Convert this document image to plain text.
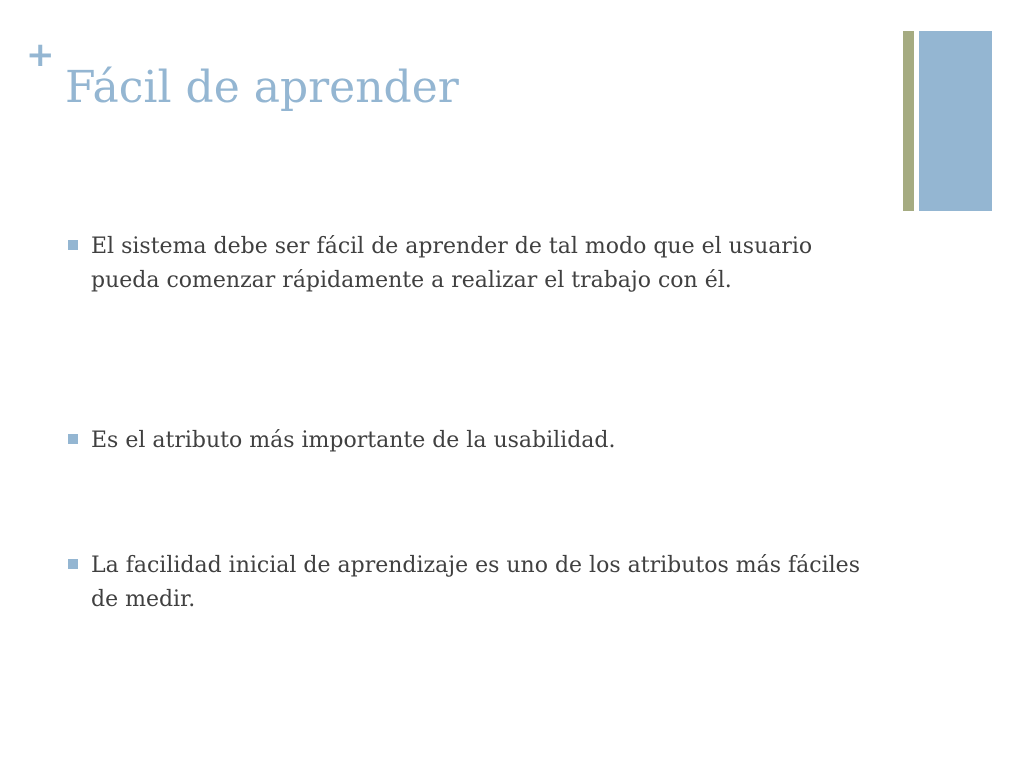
+
Fácil de aprender
El sistema debe ser fácil de aprender de tal modo que el usuario pueda comenzar rápidamente a realizar el trabajo con él.
Es el atributo más importante de la usabilidad.
La facilidad inicial de aprendizaje es uno de los atributos más fáciles de medir.
